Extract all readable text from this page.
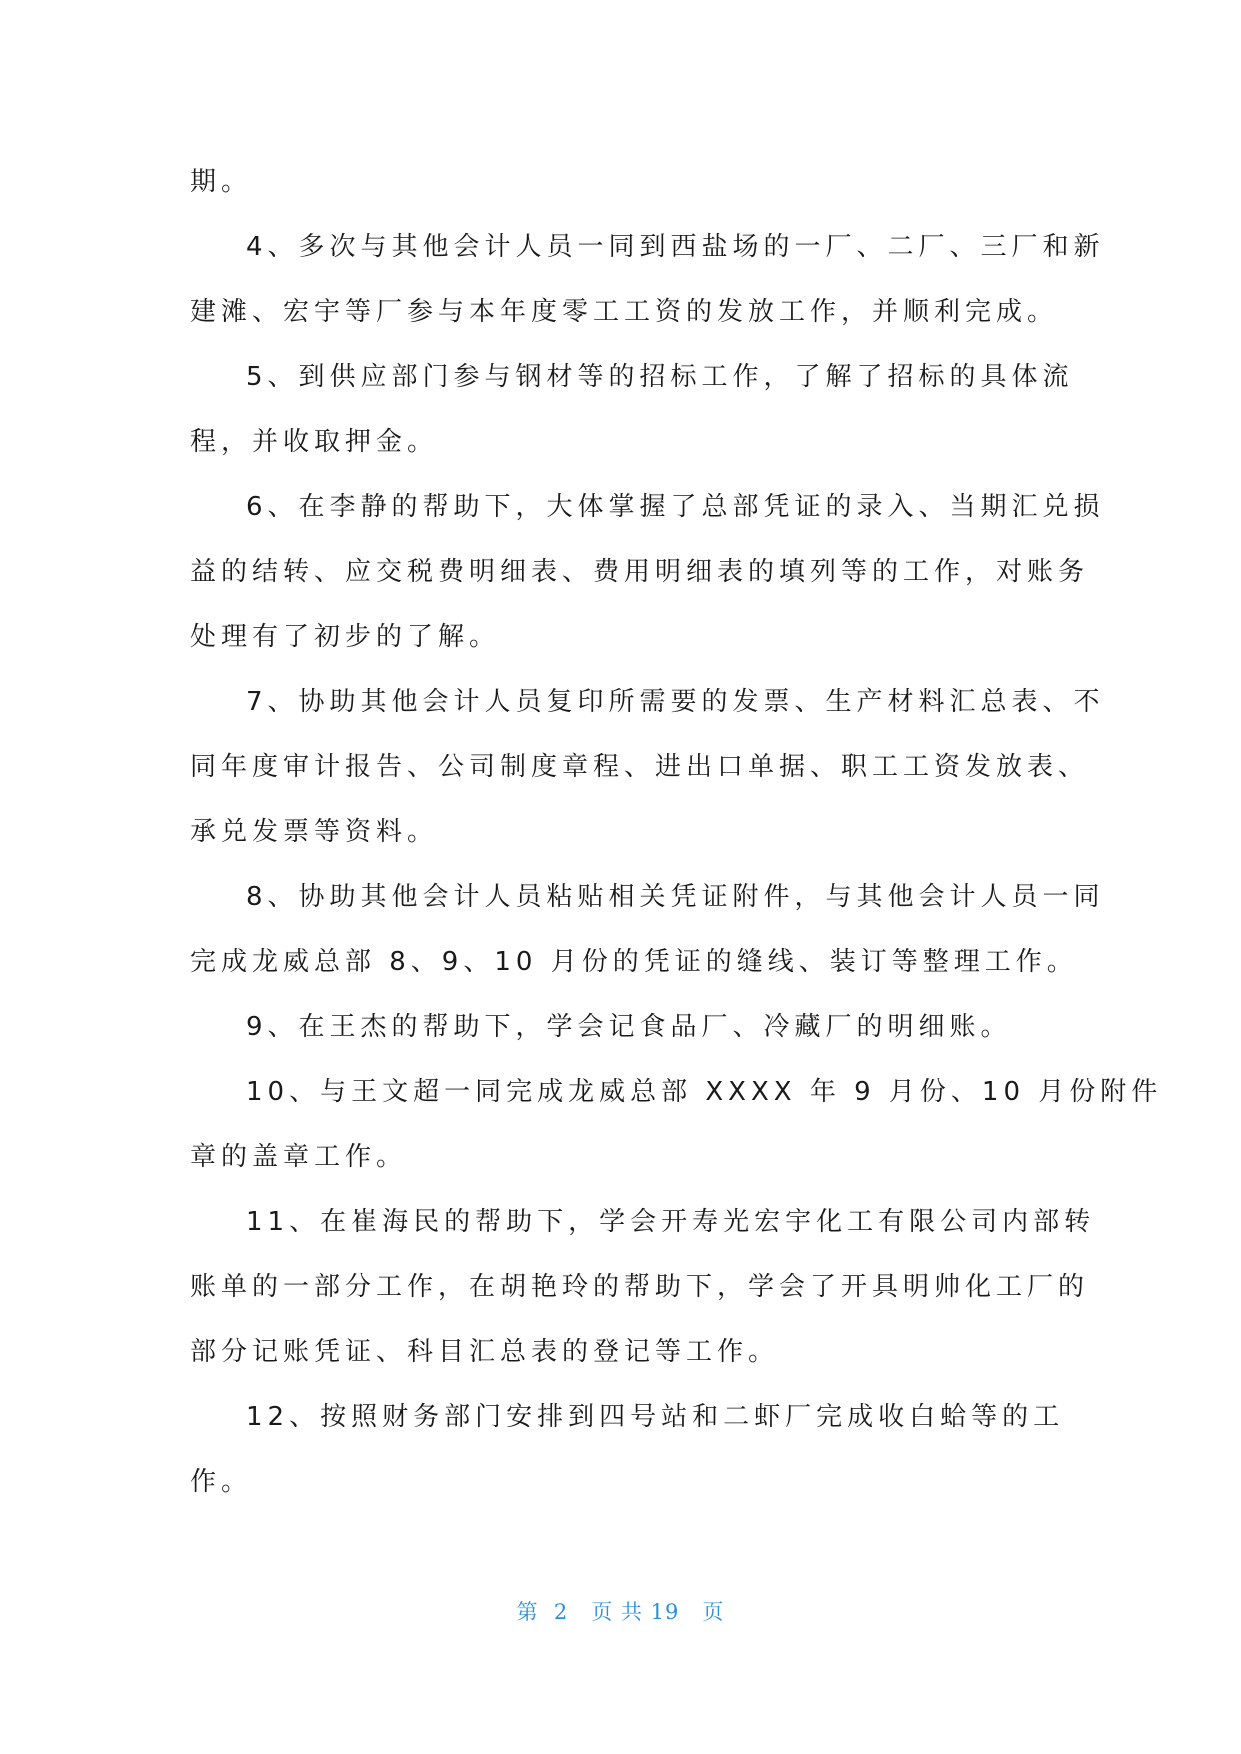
期。
4、多次与其他会计人员一同到西盐场的一厂、二厂、三厂和新
建滩、宏宇等厂参与本年度零工工资的发放工作，并顺利完成。
5、到供应部门参与钢材等的招标工作，了解了招标的具体流
程，并收取押金。
6、在李静的帮助下，大体掌握了总部凭证的录入、当期汇兑损
益的结转、应交税费明细表、费用明细表的填列等的工作，对账务
处理有了初步的了解。
7、协助其他会计人员复印所需要的发票、生产材料汇总表、不
同年度审计报告、公司制度章程、进出口单据、职工工资发放表、
承兑发票等资料。
8、协助其他会计人员粘贴相关凭证附件，与其他会计人员一同
完成龙威总部 8、9、10 月份的凭证的缝线、装订等整理工作。
9、在王杰的帮助下，学会记食品厂、冷藏厂的明细账。
10、与王文超一同完成龙威总部 XXXX 年 9 月份、10 月份附件
章的盖章工作。
11、在崔海民的帮助下，学会开寿光宏宇化工有限公司内部转
账单的一部分工作，在胡艳玲的帮助下，学会了开具明帅化工厂的
部分记账凭证、科目汇总表的登记等工作。
12、按照财务部门安排到四号站和二虾厂完成收白蛤等的工
作。
第  2   页 共 19   页
